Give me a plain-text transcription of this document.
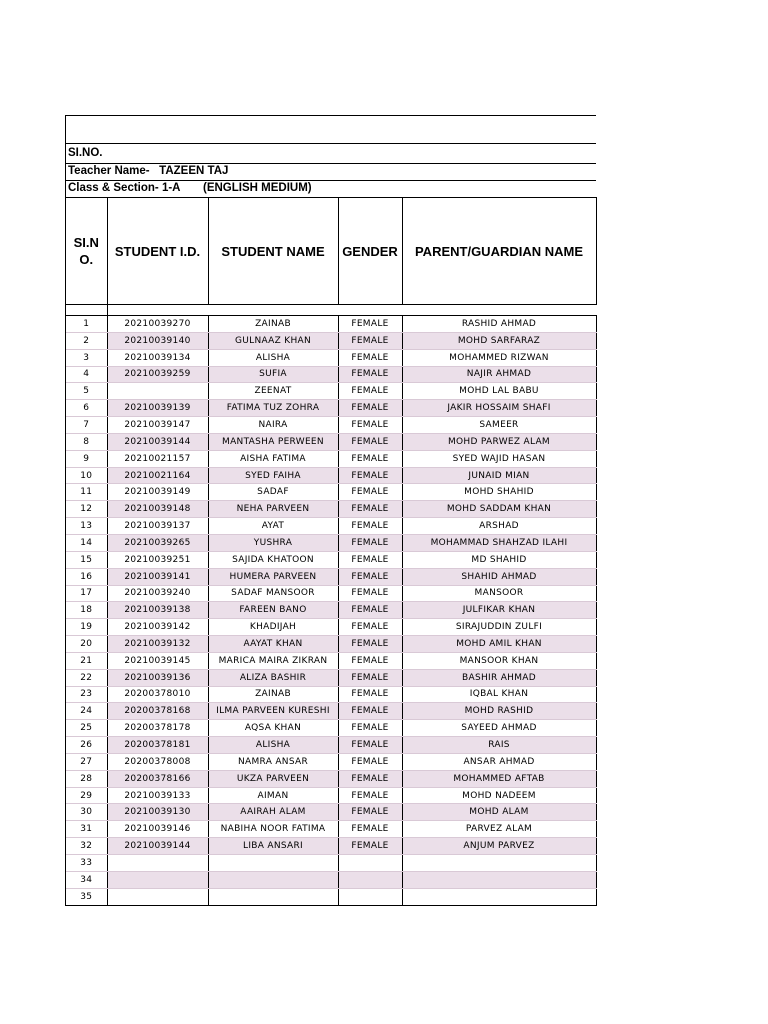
SI.NO.
Teacher Name-   TAZEEN TAJ
Class & Section- 1-A (ENGLISH MEDIUM)
SI.NO.	STUDENT I.D.	STUDENT NAME	GENDER	PARENT/GUARDIAN NAME

1	20210039270	ZAINAB	FEMALE	RASHID AHMAD
2	20210039140	GULNAAZ KHAN	FEMALE	MOHD SARFARAZ
3	20210039134	ALISHA	FEMALE	MOHAMMED RIZWAN
4	20210039259	SUFIA	FEMALE	NAJIR AHMAD
5		ZEENAT	FEMALE	MOHD LAL BABU
6	20210039139	FATIMA TUZ ZOHRA	FEMALE	JAKIR HOSSAIM SHAFI
7	20210039147	NAIRA	FEMALE	SAMEER
8	20210039144	MANTASHA PERWEEN	FEMALE	MOHD PARWEZ ALAM
9	20210021157	AISHA FATIMA	FEMALE	SYED WAJID HASAN
10	20210021164	SYED FAIHA	FEMALE	JUNAID MIAN
11	20210039149	SADAF	FEMALE	MOHD SHAHID
12	20210039148	NEHA PARVEEN	FEMALE	MOHD SADDAM KHAN
13	20210039137	AYAT	FEMALE	ARSHAD
14	20210039265	YUSHRA	FEMALE	MOHAMMAD SHAHZAD ILAHI
15	20210039251	SAJIDA KHATOON	FEMALE	MD SHAHID
16	20210039141	HUMERA PARVEEN	FEMALE	SHAHID AHMAD
17	20210039240	SADAF MANSOOR	FEMALE	MANSOOR
18	20210039138	FAREEN BANO	FEMALE	JULFIKAR KHAN
19	20210039142	KHADIJAH	FEMALE	SIRAJUDDIN ZULFI
20	20210039132	AAYAT KHAN	FEMALE	MOHD AMIL KHAN
21	20210039145	MARICA MAIRA ZIKRAN	FEMALE	MANSOOR KHAN
22	20210039136	ALIZA BASHIR	FEMALE	BASHIR AHMAD
23	20200378010	ZAINAB	FEMALE	IQBAL KHAN
24	20200378168	ILMA PARVEEN KURESHI	FEMALE	MOHD RASHID
25	20200378178	AQSA KHAN	FEMALE	SAYEED AHMAD
26	20200378181	ALISHA	FEMALE	RAIS
27	20200378008	NAMRA ANSAR	FEMALE	ANSAR AHMAD
28	20200378166	UKZA PARVEEN	FEMALE	MOHAMMED AFTAB
29	20210039133	AIMAN	FEMALE	MOHD NADEEM
30	20210039130	AAIRAH ALAM	FEMALE	MOHD ALAM
31	20210039146	NABIHA NOOR FATIMA	FEMALE	PARVEZ ALAM
32	20210039144	LIBA ANSARI	FEMALE	ANJUM PARVEZ
33				
34				
35				
